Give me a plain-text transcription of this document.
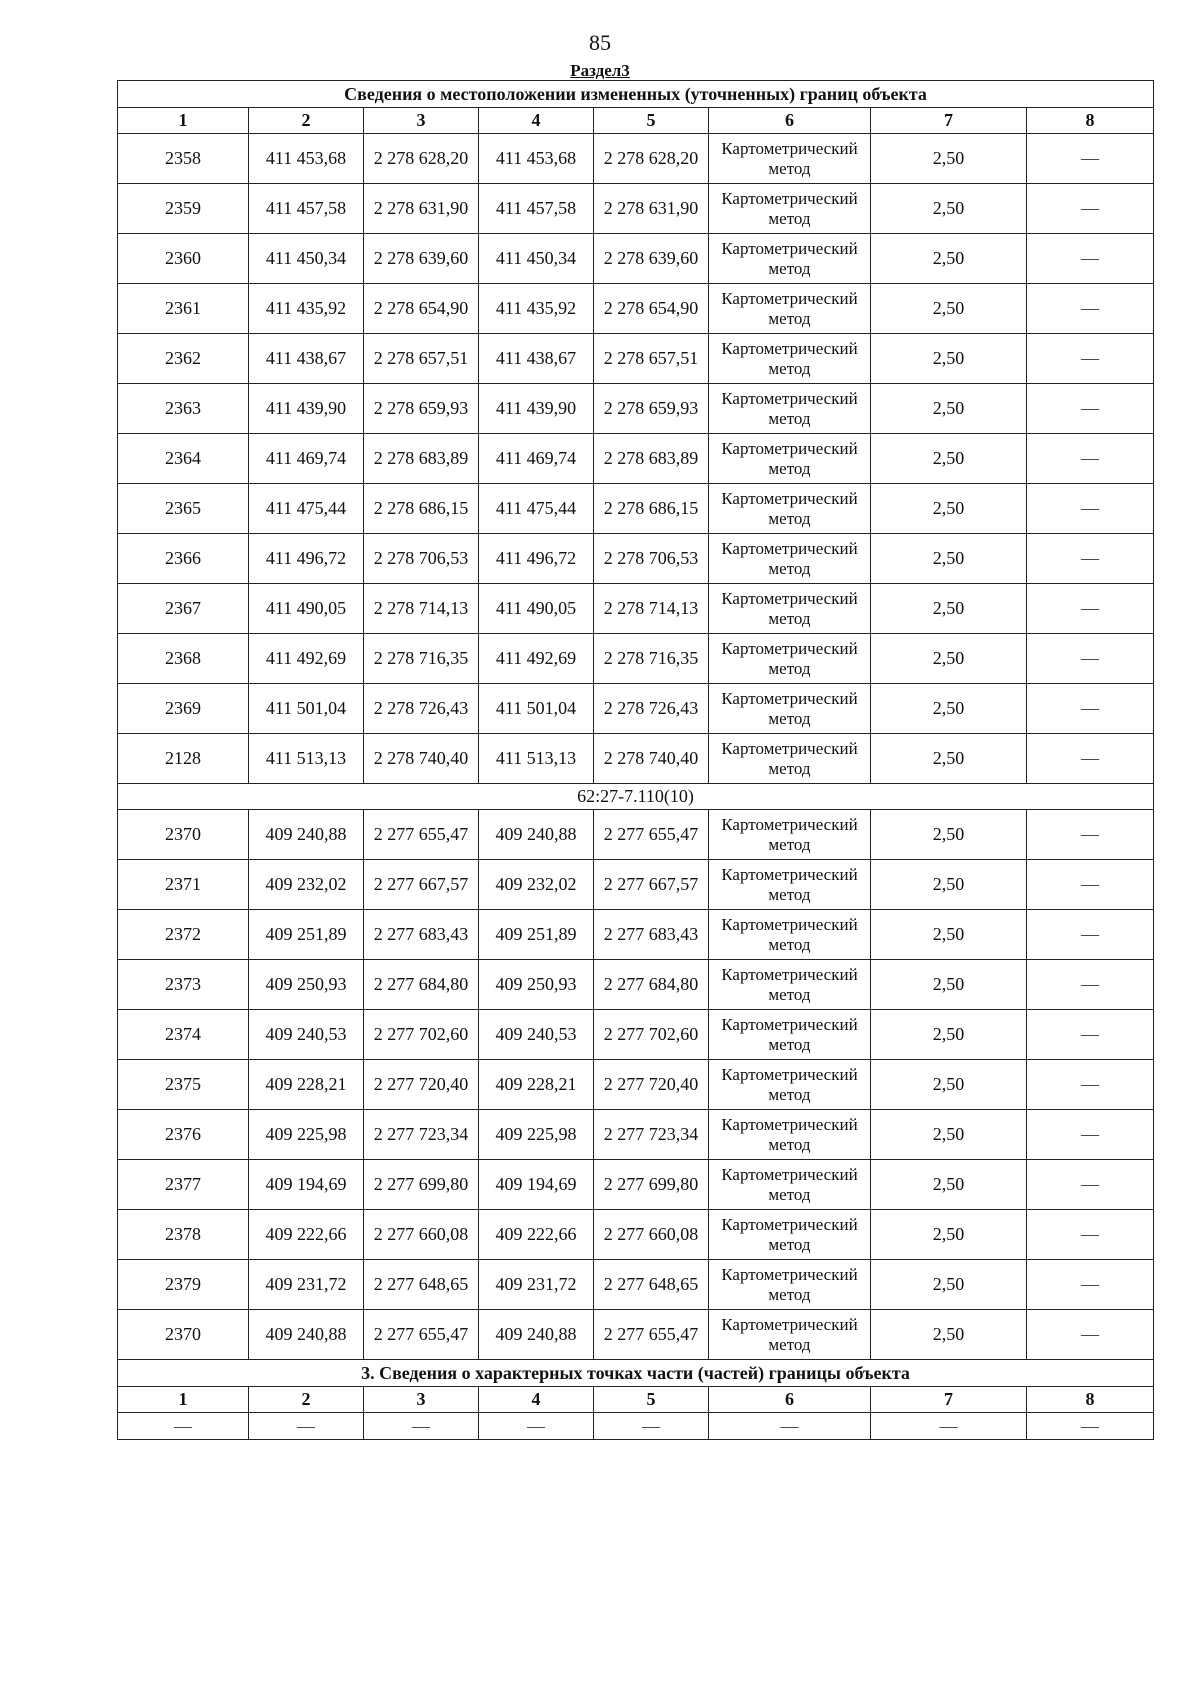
85
Раздел3
Сведения о местоположении измененных (уточненных) границ объекта							
1	2	3	4	5	6	7	8
2358	411 453,68	2 278 628,20	411 453,68	2 278 628,20	Картометрический метод	2,50	—
2359	411 457,58	2 278 631,90	411 457,58	2 278 631,90	Картометрический метод	2,50	—
2360	411 450,34	2 278 639,60	411 450,34	2 278 639,60	Картометрический метод	2,50	—
2361	411 435,92	2 278 654,90	411 435,92	2 278 654,90	Картометрический метод	2,50	—
2362	411 438,67	2 278 657,51	411 438,67	2 278 657,51	Картометрический метод	2,50	—
2363	411 439,90	2 278 659,93	411 439,90	2 278 659,93	Картометрический метод	2,50	—
2364	411 469,74	2 278 683,89	411 469,74	2 278 683,89	Картометрический метод	2,50	—
2365	411 475,44	2 278 686,15	411 475,44	2 278 686,15	Картометрический метод	2,50	—
2366	411 496,72	2 278 706,53	411 496,72	2 278 706,53	Картометрический метод	2,50	—
2367	411 490,05	2 278 714,13	411 490,05	2 278 714,13	Картометрический метод	2,50	—
2368	411 492,69	2 278 716,35	411 492,69	2 278 716,35	Картометрический метод	2,50	—
2369	411 501,04	2 278 726,43	411 501,04	2 278 726,43	Картометрический метод	2,50	—
2128	411 513,13	2 278 740,40	411 513,13	2 278 740,40	Картометрический метод	2,50	—
62:27-7.110(10)							
2370	409 240,88	2 277 655,47	409 240,88	2 277 655,47	Картометрический метод	2,50	—
2371	409 232,02	2 277 667,57	409 232,02	2 277 667,57	Картометрический метод	2,50	—
2372	409 251,89	2 277 683,43	409 251,89	2 277 683,43	Картометрический метод	2,50	—
2373	409 250,93	2 277 684,80	409 250,93	2 277 684,80	Картометрический метод	2,50	—
2374	409 240,53	2 277 702,60	409 240,53	2 277 702,60	Картометрический метод	2,50	—
2375	409 228,21	2 277 720,40	409 228,21	2 277 720,40	Картометрический метод	2,50	—
2376	409 225,98	2 277 723,34	409 225,98	2 277 723,34	Картометрический метод	2,50	—
2377	409 194,69	2 277 699,80	409 194,69	2 277 699,80	Картометрический метод	2,50	—
2378	409 222,66	2 277 660,08	409 222,66	2 277 660,08	Картометрический метод	2,50	—
2379	409 231,72	2 277 648,65	409 231,72	2 277 648,65	Картометрический метод	2,50	—
2370	409 240,88	2 277 655,47	409 240,88	2 277 655,47	Картометрический метод	2,50	—
3. Сведения о характерных точках части (частей) границы объекта							
1	2	3	4	5	6	7	8
—	—	—	—	—	—	—	—
